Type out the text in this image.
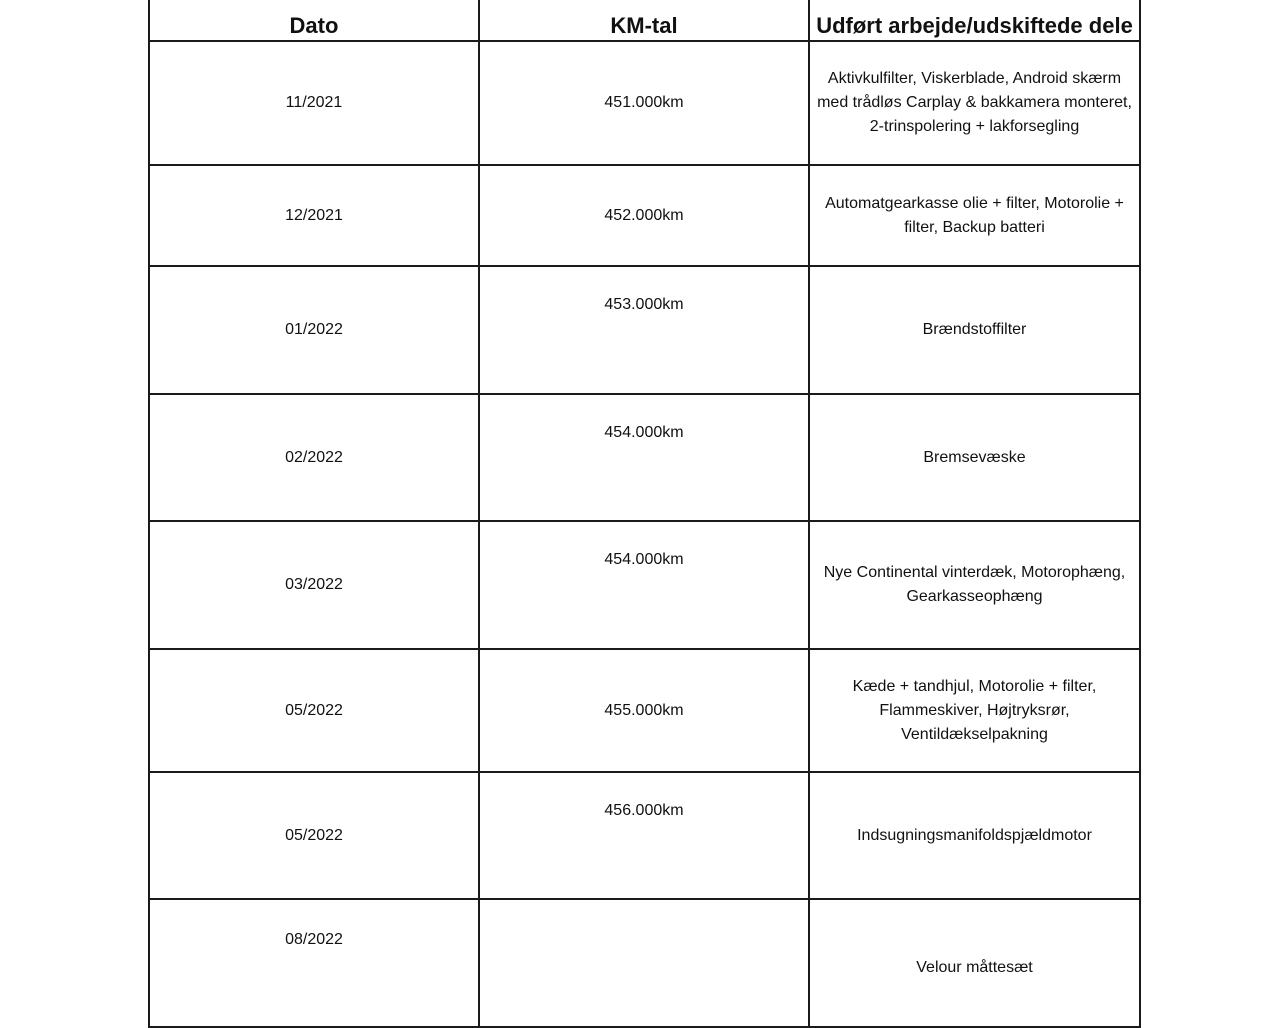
Dato	KM-tal	Udført arbejde/udskiftede dele

11/2021	451.000km	Aktivkulfilter, Viskerblade, Android skærm med trådløs Carplay & bakkamera monteret, 2-trinspolering + lakforsegling

12/2021	452.000km	Automatgearkasse olie + filter, Motorolie + filter, Backup batteri

01/2022	453.000km	Brændstoffilter

02/2022	454.000km	Bremsevæske

03/2022	454.000km	Nye Continental vinterdæk, Motorophæng, Gearkasseophæng

05/2022	455.000km	Kæde + tandhjul, Motorolie + filter, Flammeskiver, Højtryksrør, Ventildækselpakning

05/2022	456.000km	Indsugningsmanifoldspjældmotor

08/2022		Velour måttesæt
